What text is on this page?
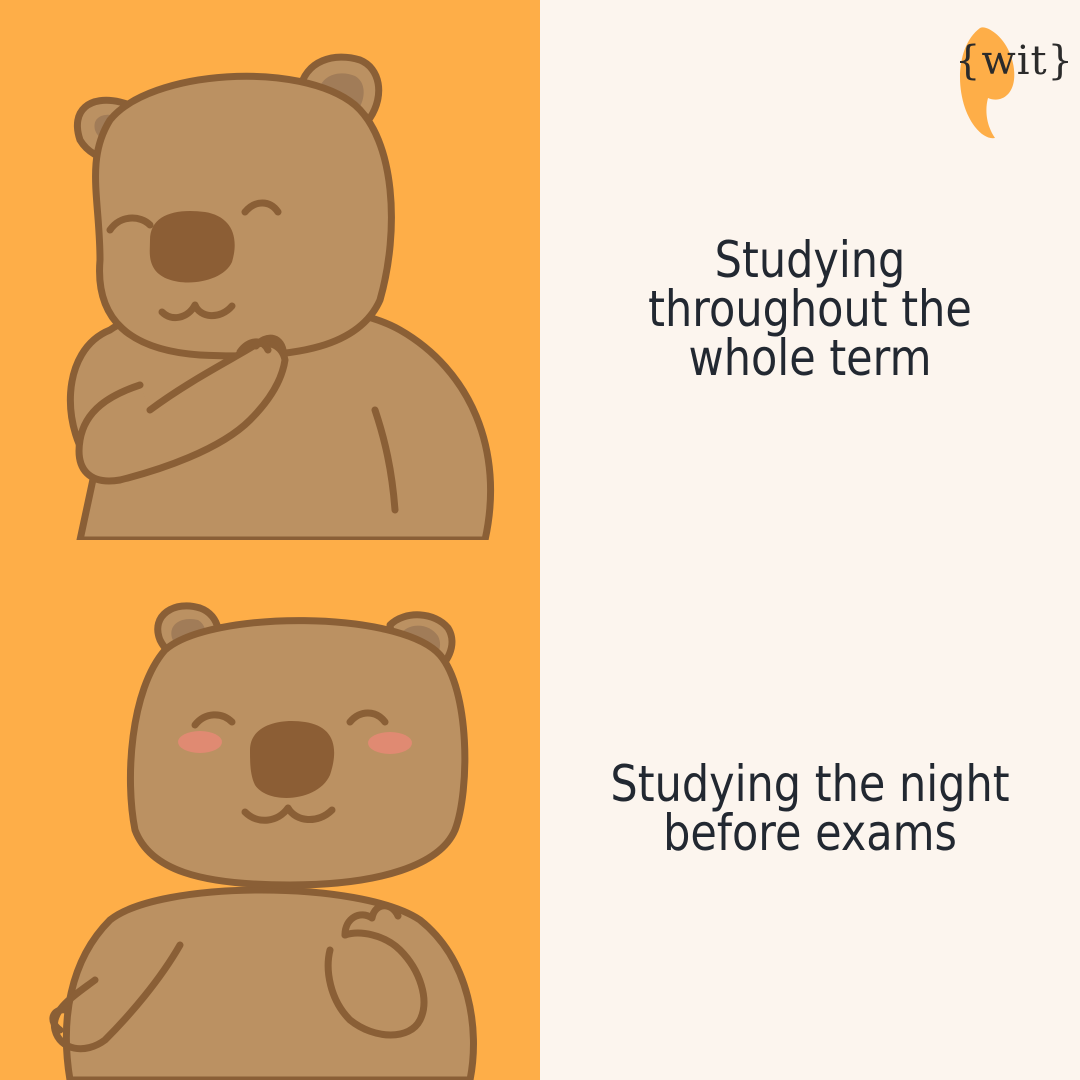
{wit}
Studying throughout the whole term
Studying the night before exams
